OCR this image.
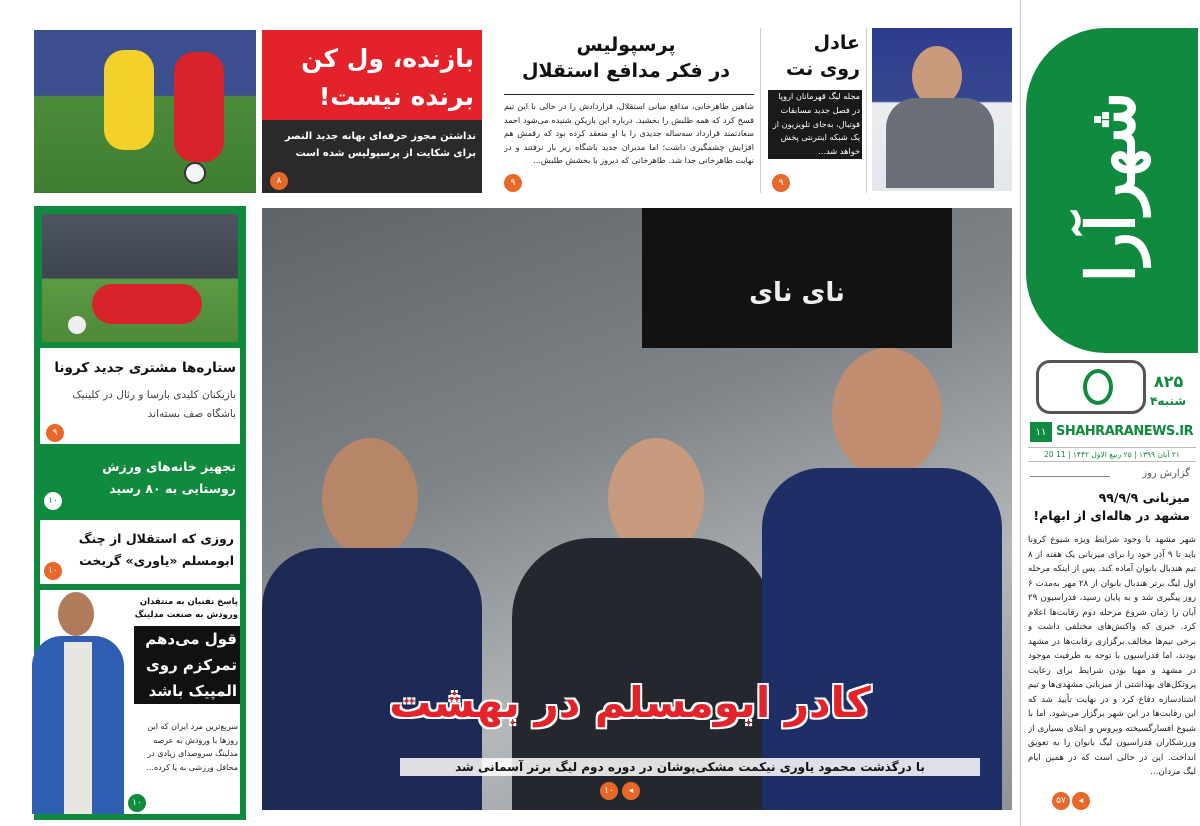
شهرآرا
۸۲۵
۴شنبه
SHAHRARANEWS.IR
۱۱
۲۱ آبان ۱۳۹۹ | ۲۵ ربیع الاول ۱۴۴۲ | 11 20
گزارش روز
میزبانی ۹۹/۹/۹
مشهد در هاله‌ای از ابهام!
شهر مشهد با وجود شرایط ویژه شیوع کرونا باید تا ۹ آذر خود را برای میزبانی یک هفته از ۸ تیم هندبال بانوان آماده کند. پس از اینکه مرحله اول لیگ برتر هندبال بانوان از ۲۸ مهر به‌مدت ۶ روز پیگیری شد و به پایان رسید، فدراسیون ۲۹ آبان را زمان شروع مرحله دوم رقابت‌ها اعلام کرد. خبری که واکنش‌های مختلفی داشت و برخی تیم‌ها مخالف برگزاری رقابت‌ها در مشهد بودند، اما فدراسیون با توجه به ظرفیت موجود در مشهد و مهیا بودن شرایط برای رعایت پروتکل‌های بهداشتی از میزبانی مشهدی‌ها و تیم‌ اشتادسازه دفاع کرد و در نهایت تأیید شد که این رقابت‌ها در این شهر برگزار می‌شود. اما با شیوع افسارگسیخته ویروس و ابتلای بسیاری از ورزشکاران فدراسیون لیگ بانوان را به تعویق انداخت. این در حالی است که در همین ایام لیگ مردان...
۵۷	◂
عادل
روی نت
مجله لیگ قهرمانان اروپا در فصل جدید مسابقات فوتبال، به‌جای تلویزیون از یک شبکه اینترنتی پخش خواهد شد...
۹
پرسپولیس
در فکر مدافع استقلال
شاهین طاهرخانی، مدافع میانی استقلال، قراردادش را در حالی با این تیم فسخ کرد که همه طلبش را بخشید. درباره این بازیکن شنیده می‌شود احمد سعادتمند قرارداد سه‌ساله جدیدی را با او منعقد کرده بود که رقمش هم افزایش چشمگیری داشت؛ اما مدیران جدید باشگاه زیر بار نرفتند و در نهایت طاهرخانی جدا شد. طاهرخانی که دیروز با بخشش طلبش...
۹
بازنده، ول کن
برنده نیست!
نداشتن مجوز حرفه‌ای بهانه جدید النصر برای شکایت از پرسپولیس شده است
۸
ستاره‌ها مشتری جدید کرونا
بازیکنان کلیدی بارسا و رئال در کلینیک باشگاه صف بسته‌اند
۹
تجهیز خانه‌های ورزش روستایی به ۸۰ رسید
۱۰
روزی که استقلال از چنگ ابومسلم «یاوری» گریخت
۱۰
پاسخ تفنیان به منتقدان ورودش به صنعت مدلینگ
قول می‌دهم تمرکزم روی المپیک باشد
سریع‌ترین مرد ایران که این روزها با ورودش به عرصه مدلینگ سروصدای زیادی در محافل ورزشی به پا کرده...
۱۰
نای نای
کادر ابومسلم در بهشت
با درگذشت محمود یاوری نیکمت مشکی‌پوشان در دوره دوم لیگ برتر آسمانی شد
۱۰	◂
